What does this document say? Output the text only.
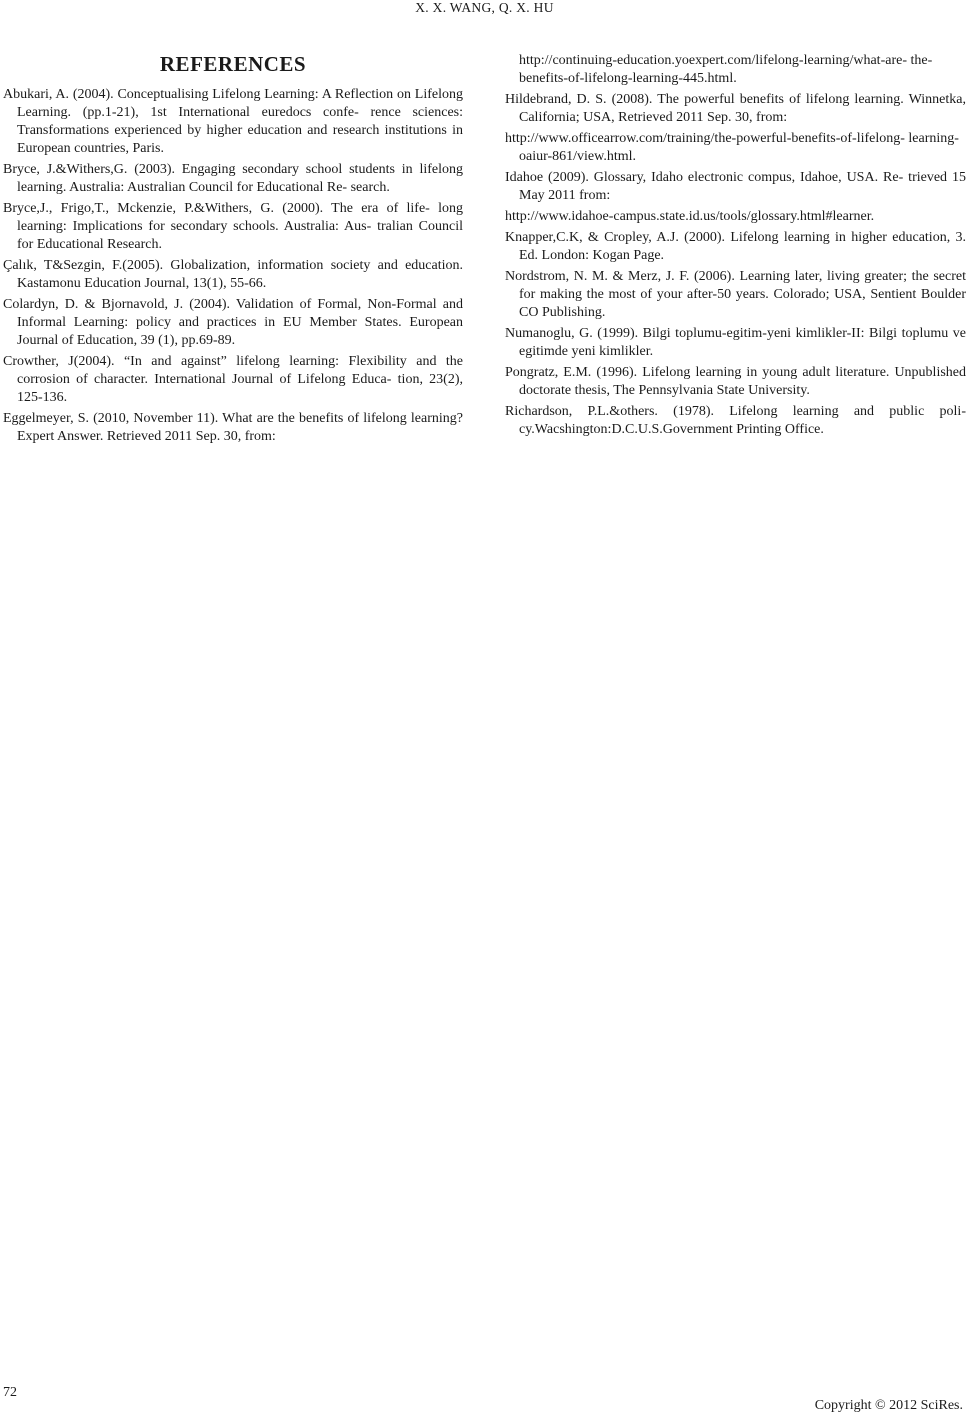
X. X. WANG, Q. X. HU
REFERENCES

Abukari, A. (2004). Conceptualising Lifelong Learning: A Reflection on Lifelong Learning. (pp.1-21), 1st International euredocs confe- rence sciences: Transformations experienced by higher education and research institutions in European countries, Paris.

Bryce, J.&Withers,G. (2003). Engaging secondary school students in lifelong learning. Australia: Australian Council for Educational Re- search.

Bryce,J., Frigo,T., Mckenzie, P.&Withers, G. (2000). The era of life- long learning: Implications for secondary schools. Australia: Aus- tralian Council for Educational Research.

Çalık, T&Sezgin, F.(2005). Globalization, information society and education. Kastamonu Education Journal, 13(1), 55-66.

Colardyn, D. & Bjornavold, J. (2004). Validation of Formal, Non-Formal and Informal Learning: policy and practices in EU Member States. European Journal of Education, 39 (1), pp.69-89.

Crowther, J(2004). “In and against” lifelong learning: Flexibility and the corrosion of character. International Journal of Lifelong Educa- tion, 23(2), 125-136.

Eggelmeyer, S. (2010, November 11). What are the benefits of lifelong learning? Expert Answer. Retrieved 2011 Sep. 30, from:

http://continuing-education.yoexpert.com/lifelong-learning/what-are- the-benefits-of-lifelong-learning-445.html.

Hildebrand, D. S. (2008). The powerful benefits of lifelong learning. Winnetka, California; USA, Retrieved 2011 Sep. 30, from:

http://www.officearrow.com/training/the-powerful-benefits-of-lifelong- learning-oaiur-861/view.html.

Idahoe (2009). Glossary, Idaho electronic compus, Idahoe, USA. Re- trieved 15 May 2011 from:

http://www.idahoe-campus.state.id.us/tools/glossary.html#learner.

Knapper,C.K, & Cropley, A.J. (2000). Lifelong learning in higher education, 3. Ed. London: Kogan Page.

Nordstrom, N. M. & Merz, J. F. (2006). Learning later, living greater; the secret for making the most of your after-50 years. Colorado; USA, Sentient Boulder CO Publishing.

Numanoglu, G. (1999). Bilgi toplumu-egitim-yeni kimlikler-II: Bilgi toplumu ve egitimde yeni kimlikler.

Pongratz, E.M. (1996). Lifelong learning in young adult literature. Unpublished doctorate thesis, The Pennsylvania State University.

Richardson, P.L.&others. (1978). Lifelong learning and public poli- cy.Wacshington:D.C.U.S.Government Printing Office.

72
Copyright © 2012 SciRes.
